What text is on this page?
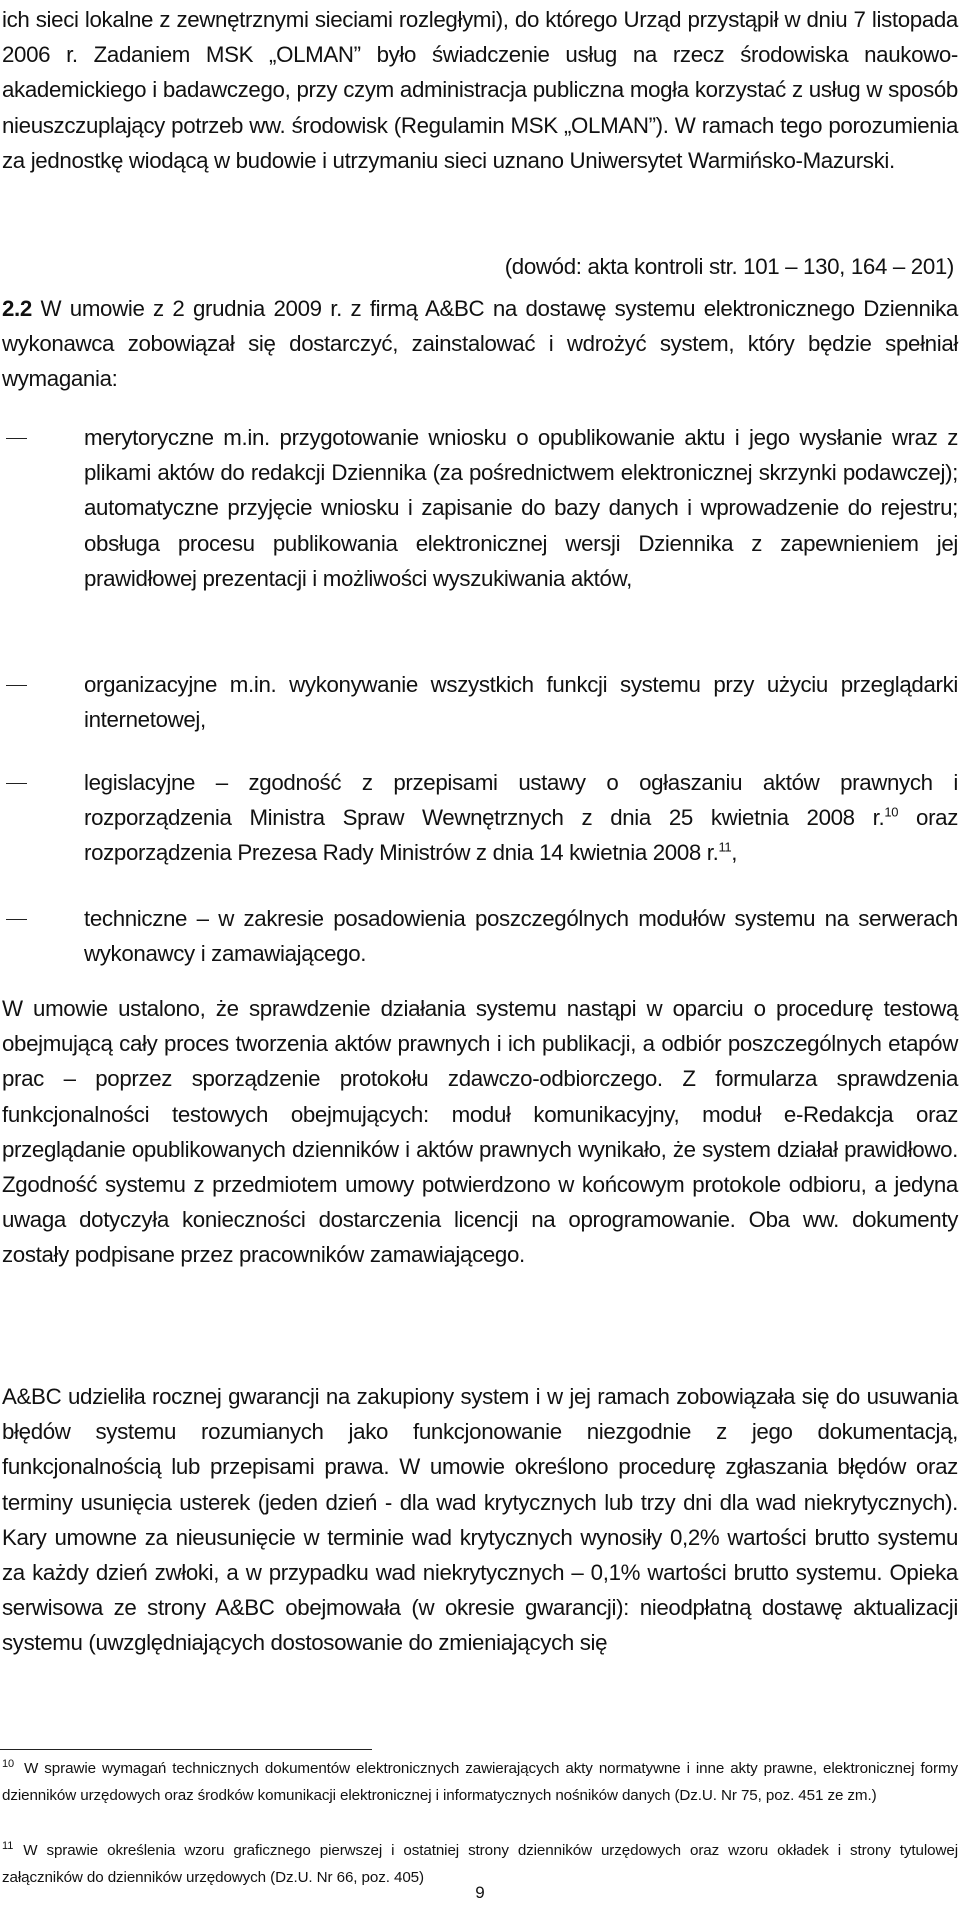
ich sieci lokalne z zewnętrznymi sieciami rozległymi), do którego Urząd przystąpił w dniu 7 listopada 2006 r. Zadaniem MSK „OLMAN” było świadczenie usług na rzecz środowiska naukowo-akademickiego i badawczego, przy czym administracja publiczna mogła korzystać z usług w sposób nieuszczuplający potrzeb ww. środowisk (Regulamin MSK „OLMAN”). W ramach tego porozumienia za jednostkę wiodącą w budowie i utrzymaniu sieci uznano Uniwersytet Warmińsko-Mazurski.

(dowód: akta kontroli str. 101 – 130, 164 – 201)

2.2 W umowie z 2 grudnia 2009 r. z firmą A&BC na dostawę systemu elektronicznego Dziennika wykonawca zobowiązał się dostarczyć, zainstalować i wdrożyć system, który będzie spełniał wymagania:

merytoryczne m.in. przygotowanie wniosku o opublikowanie aktu i jego wysłanie wraz z plikami aktów do redakcji Dziennika (za pośrednictwem elektronicznej skrzynki podawczej); automatyczne przyjęcie wniosku i zapisanie do bazy danych i wprowadzenie do rejestru; obsługa procesu publikowania elektronicznej wersji Dziennika z zapewnieniem jej prawidłowej prezentacji i możliwości wyszukiwania aktów,
organizacyjne m.in. wykonywanie wszystkich funkcji systemu przy użyciu przeglądarki internetowej,
legislacyjne – zgodność z przepisami ustawy o ogłaszaniu aktów prawnych i rozporządzenia Ministra Spraw Wewnętrznych z dnia 25 kwietnia 2008 r.$^{10}$ oraz rozporządzenia Prezesa Rady Ministrów z dnia 14 kwietnia 2008 r.$^{11}$,
techniczne – w zakresie posadowienia poszczególnych modułów systemu na serwerach wykonawcy i zamawiającego.

W umowie ustalono, że sprawdzenie działania systemu nastąpi w oparciu o procedurę testową obejmującą cały proces tworzenia aktów prawnych i ich publikacji, a odbiór poszczególnych etapów prac – poprzez sporządzenie protokołu zdawczo-odbiorczego. Z formularza sprawdzenia funkcjonalności testowych obejmujących: moduł komunikacyjny, moduł e-Redakcja oraz przeglądanie opublikowanych dzienników i aktów prawnych wynikało, że system działał prawidłowo. Zgodność systemu z przedmiotem umowy potwierdzono w końcowym protokole odbioru, a jedyna uwaga dotyczyła konieczności dostarczenia licencji na oprogramowanie. Oba ww. dokumenty zostały podpisane przez pracowników zamawiającego.

A&BC udzieliła rocznej gwarancji na zakupiony system i w jej ramach zobowiązała się do usuwania błędów systemu rozumianych jako funkcjonowanie niezgodnie z jego dokumentacją, funkcjonalnością lub przepisami prawa. W umowie określono procedurę zgłaszania błędów oraz terminy usunięcia usterek (jeden dzień - dla wad krytycznych lub trzy dni dla wad niekrytycznych). Kary umowne za nieusunięcie w terminie wad krytycznych wynosiły 0,2% wartości brutto systemu za każdy dzień zwłoki, a w przypadku wad niekrytycznych – 0,1% wartości brutto systemu. Opieka serwisowa ze strony A&BC obejmowała (w okresie gwarancji): nieodpłatną dostawę aktualizacji systemu (uwzględniających dostosowanie do zmieniających się

$^{10}$ W sprawie wymagań technicznych dokumentów elektronicznych zawierających akty normatywne i inne akty prawne, elektronicznej formy dzienników urzędowych oraz środków komunikacji elektronicznej i informatycznych nośników danych (Dz.U. Nr 75, poz. 451 ze zm.)
$^{11}$ W sprawie określenia wzoru graficznego pierwszej i ostatniej strony dzienników urzędowych oraz wzoru okładek i strony tytulowej załączników do dzienników urzędowych (Dz.U. Nr 66, poz. 405)
9
